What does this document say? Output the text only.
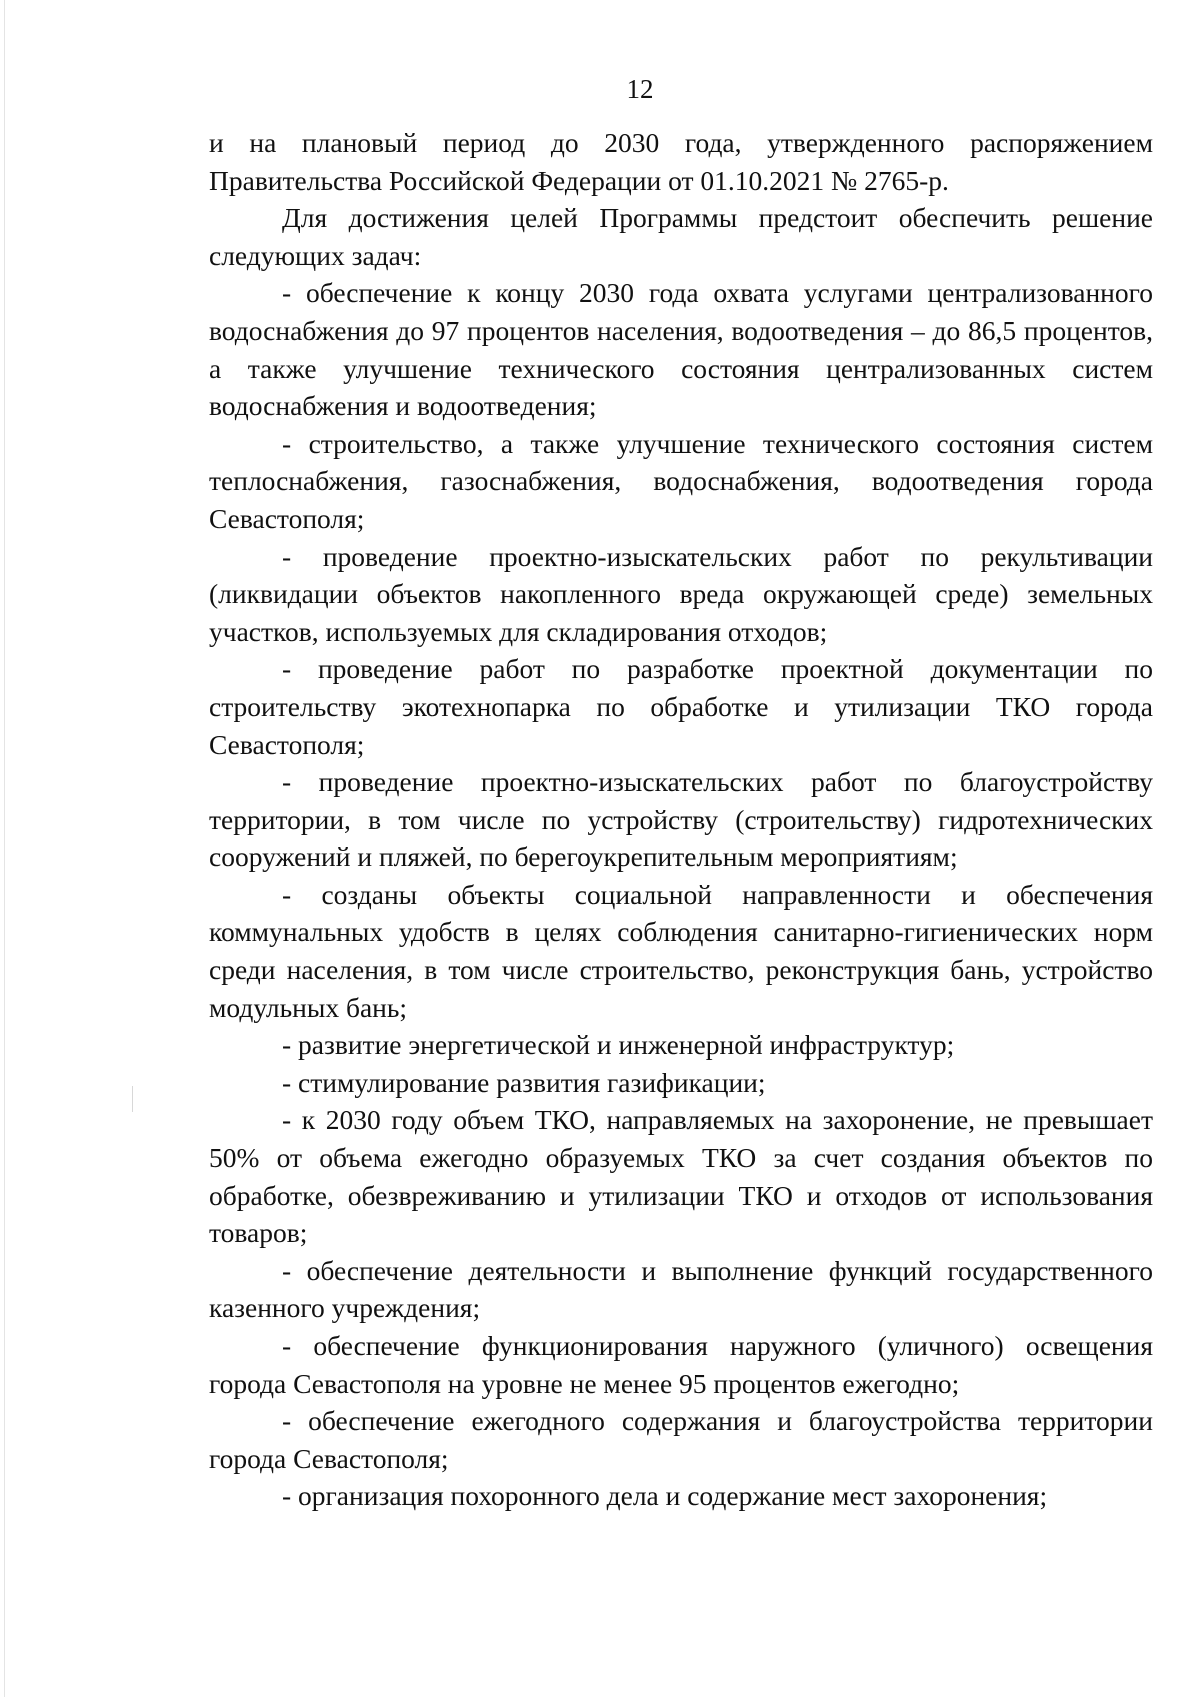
12

и на плановый период до 2030 года, утвержденного распоряжением Правительства Российской Федерации от 01.10.2021 № 2765-р.

Для достижения целей Программы предстоит обеспечить решение следующих задач:

- обеспечение к концу 2030 года охвата услугами централизованного водоснабжения до 97 процентов населения, водоотведения – до 86,5 процентов, а также улучшение технического состояния централизованных систем водоснабжения и водоотведения;

- строительство, а также улучшение технического состояния систем теплоснабжения, газоснабжения, водоснабжения, водоотведения города Севастополя;

- проведение проектно-изыскательских работ по рекультивации (ликвидации объектов накопленного вреда окружающей среде) земельных участков, используемых для складирования отходов;

- проведение работ по разработке проектной документации по строительству экотехнопарка по обработке и утилизации ТКО города Севастополя;

- проведение проектно-изыскательских работ по благоустройству территории, в том числе по устройству (строительству) гидротехнических сооружений и пляжей, по берегоукрепительным мероприятиям;

- созданы объекты социальной направленности и обеспечения коммунальных удобств в целях соблюдения санитарно-гигиенических норм среди населения, в том числе строительство, реконструкция бань, устройство модульных бань;

- развитие энергетической и инженерной инфраструктур;

- стимулирование развития газификации;

- к 2030 году объем ТКО, направляемых на захоронение, не превышает 50% от объема ежегодно образуемых ТКО за счет создания объектов по обработке, обезвреживанию и утилизации ТКО и отходов от использования товаров;

- обеспечение деятельности и выполнение функций государственного казенного учреждения;

- обеспечение функционирования наружного (уличного) освещения города Севастополя на уровне не менее 95 процентов ежегодно;

- обеспечение ежегодного содержания и благоустройства территории города Севастополя;

- организация похоронного дела и содержание мест захоронения;
